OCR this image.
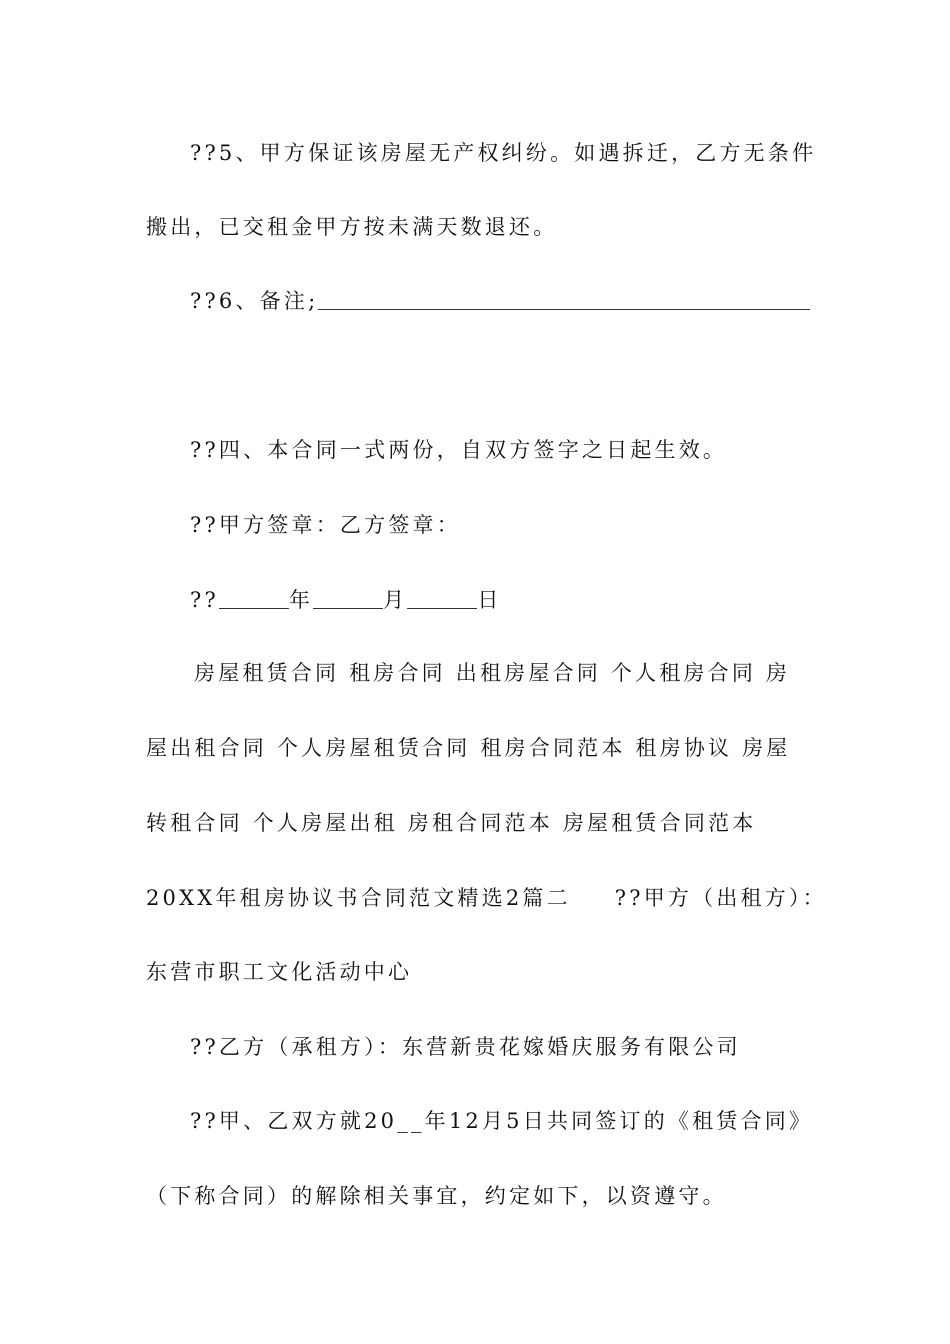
??5、甲方保证该房屋无产权纠纷。如遇拆迁，乙方无条件
搬出，已交租金甲方按未满天数退还。
??6、备注;
??四、本合同一式两份，自双方签字之日起生效。
??甲方签章：乙方签章：
??	年	月	日
房屋租赁合同 租房合同 出租房屋合同 个人租房合同 房
屋出租合同 个人房屋租赁合同 租房合同范本 租房协议 房屋
转租合同 个人房屋出租 房租合同范本 房屋租赁合同范本
20XX年租房协议书合同范文精选2篇二 ??甲方（出租方）：
东营市职工文化活动中心
??乙方（承租方）：东营新贵花嫁婚庆服务有限公司
??甲、乙双方就20__年12月5日共同签订的《租赁合同》
（下称合同）的解除相关事宜，约定如下，以资遵守。
